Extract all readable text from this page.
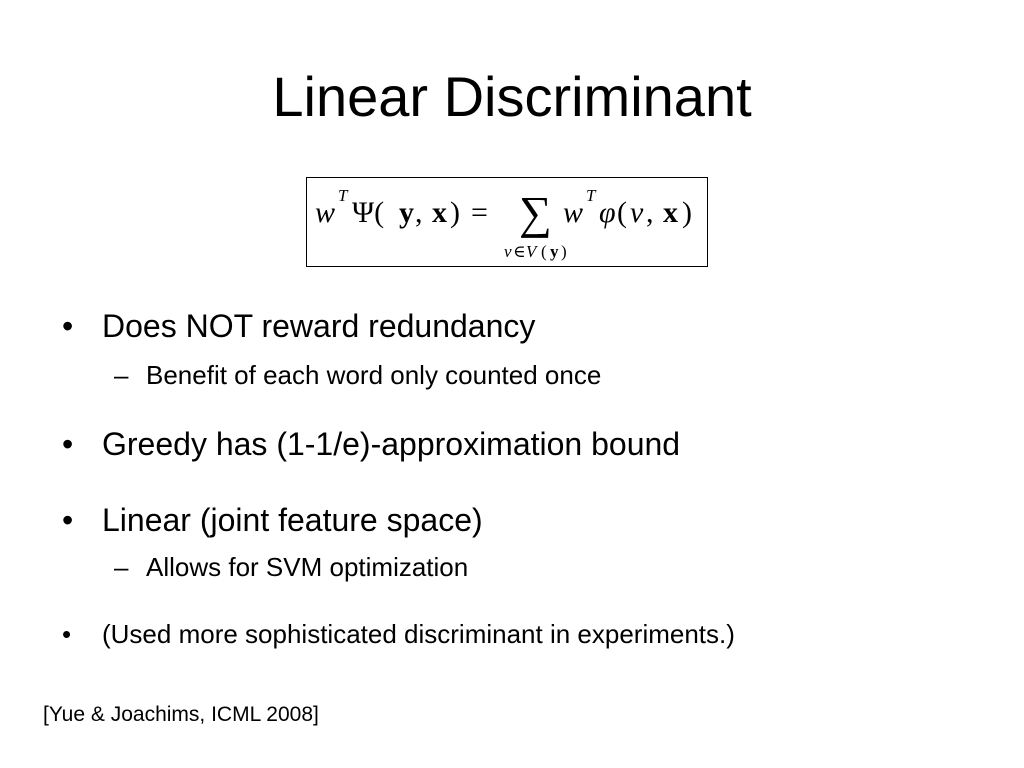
Linear Discriminant
w
T
Ψ( y , x ) = ∑
v ∈ V ( y )
w
T
φ ( v , x )
• Does NOT reward redundancy
– Benefit of each word only counted once
• Greedy has (1-1/e)-approximation bound
• Linear (joint feature space)
– Allows for SVM optimization
• (Used more sophisticated discriminant in experiments.)
[Yue & Joachims, ICML 2008]
